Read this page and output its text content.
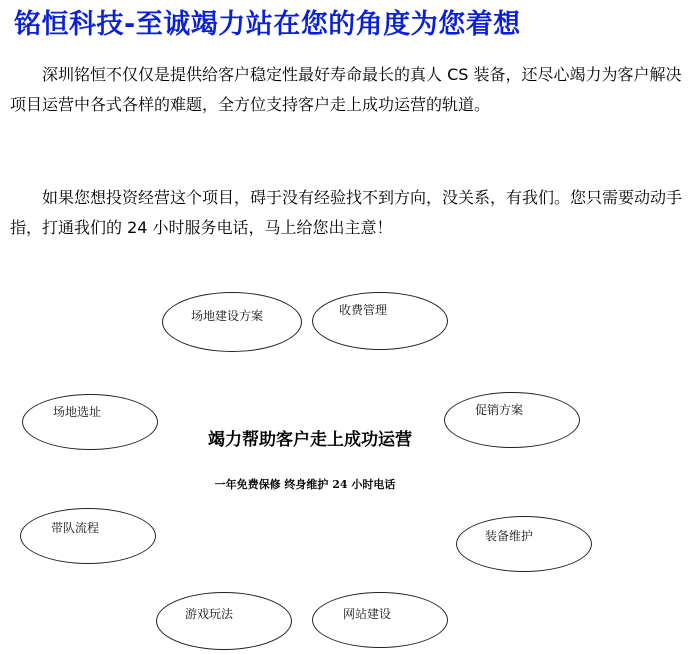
铭恒科技-至诚竭力站在您的角度为您着想
深圳铭恒不仅仅是提供给客户稳定性最好寿命最长的真人 CS 装备，还尽心竭力为客户解决项目运营中各式各样的难题，全方位支持客户走上成功运营的轨道。
如果您想投资经营这个项目，碍于没有经验找不到方向，没关系，有我们。您只需要动动手指，打通我们的 24 小时服务电话，马上给您出主意！
场地建设方案	收费管理
场地选址	促销方案
带队流程
装备维护
游戏玩法	网站建设
竭力帮助客户走上成功运营
一年免费保修 终身维护 24 小时电话
